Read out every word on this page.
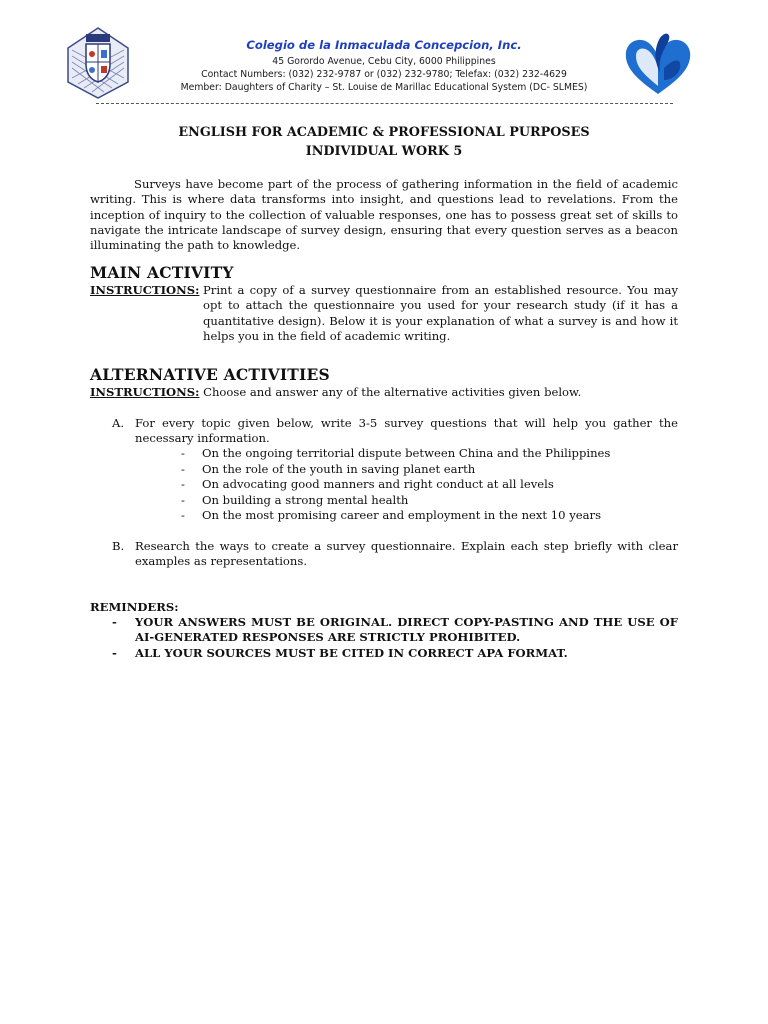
Colegio de la Inmaculada Concepcion, Inc.
45 Gorordo Avenue, Cebu City, 6000 Philippines
Contact Numbers: (032) 232-9787 or (032) 232-9780; Telefax: (032) 232-4629
Member: Daughters of Charity – St. Louise de Marillac Educational System (DC- SLMES)
ENGLISH FOR ACADEMIC & PROFESSIONAL PURPOSES
INDIVIDUAL WORK 5
Surveys have become part of the process of gathering information in the field of academic writing. This is where data transforms into insight, and questions lead to revelations. From the inception of inquiry to the collection of valuable responses, one has to possess great set of skills to navigate the intricate landscape of survey design, ensuring that every question serves as a beacon illuminating the path to knowledge.
MAIN ACTIVITY
INSTRUCTIONS: Print a copy of a survey questionnaire from an established resource. You may opt to attach the questionnaire you used for your research study (if it has a quantitative design). Below it is your explanation of what a survey is and how it helps you in the field of academic writing.
ALTERNATIVE ACTIVITIES
INSTRUCTIONS: Choose and answer any of the alternative activities given below.
A. For every topic given below, write 3-5 survey questions that will help you gather the necessary information.
- On the ongoing territorial dispute between China and the Philippines
- On the role of the youth in saving planet earth
- On advocating good manners and right conduct at all levels
- On building a strong mental health
- On the most promising career and employment in the next 10 years
B. Research the ways to create a survey questionnaire. Explain each step briefly with clear examples as representations.
REMINDERS:
- YOUR ANSWERS MUST BE ORIGINAL. DIRECT COPY-PASTING AND THE USE OF AI-GENERATED RESPONSES ARE STRICTLY PROHIBITED.
- ALL YOUR SOURCES MUST BE CITED IN CORRECT APA FORMAT.
